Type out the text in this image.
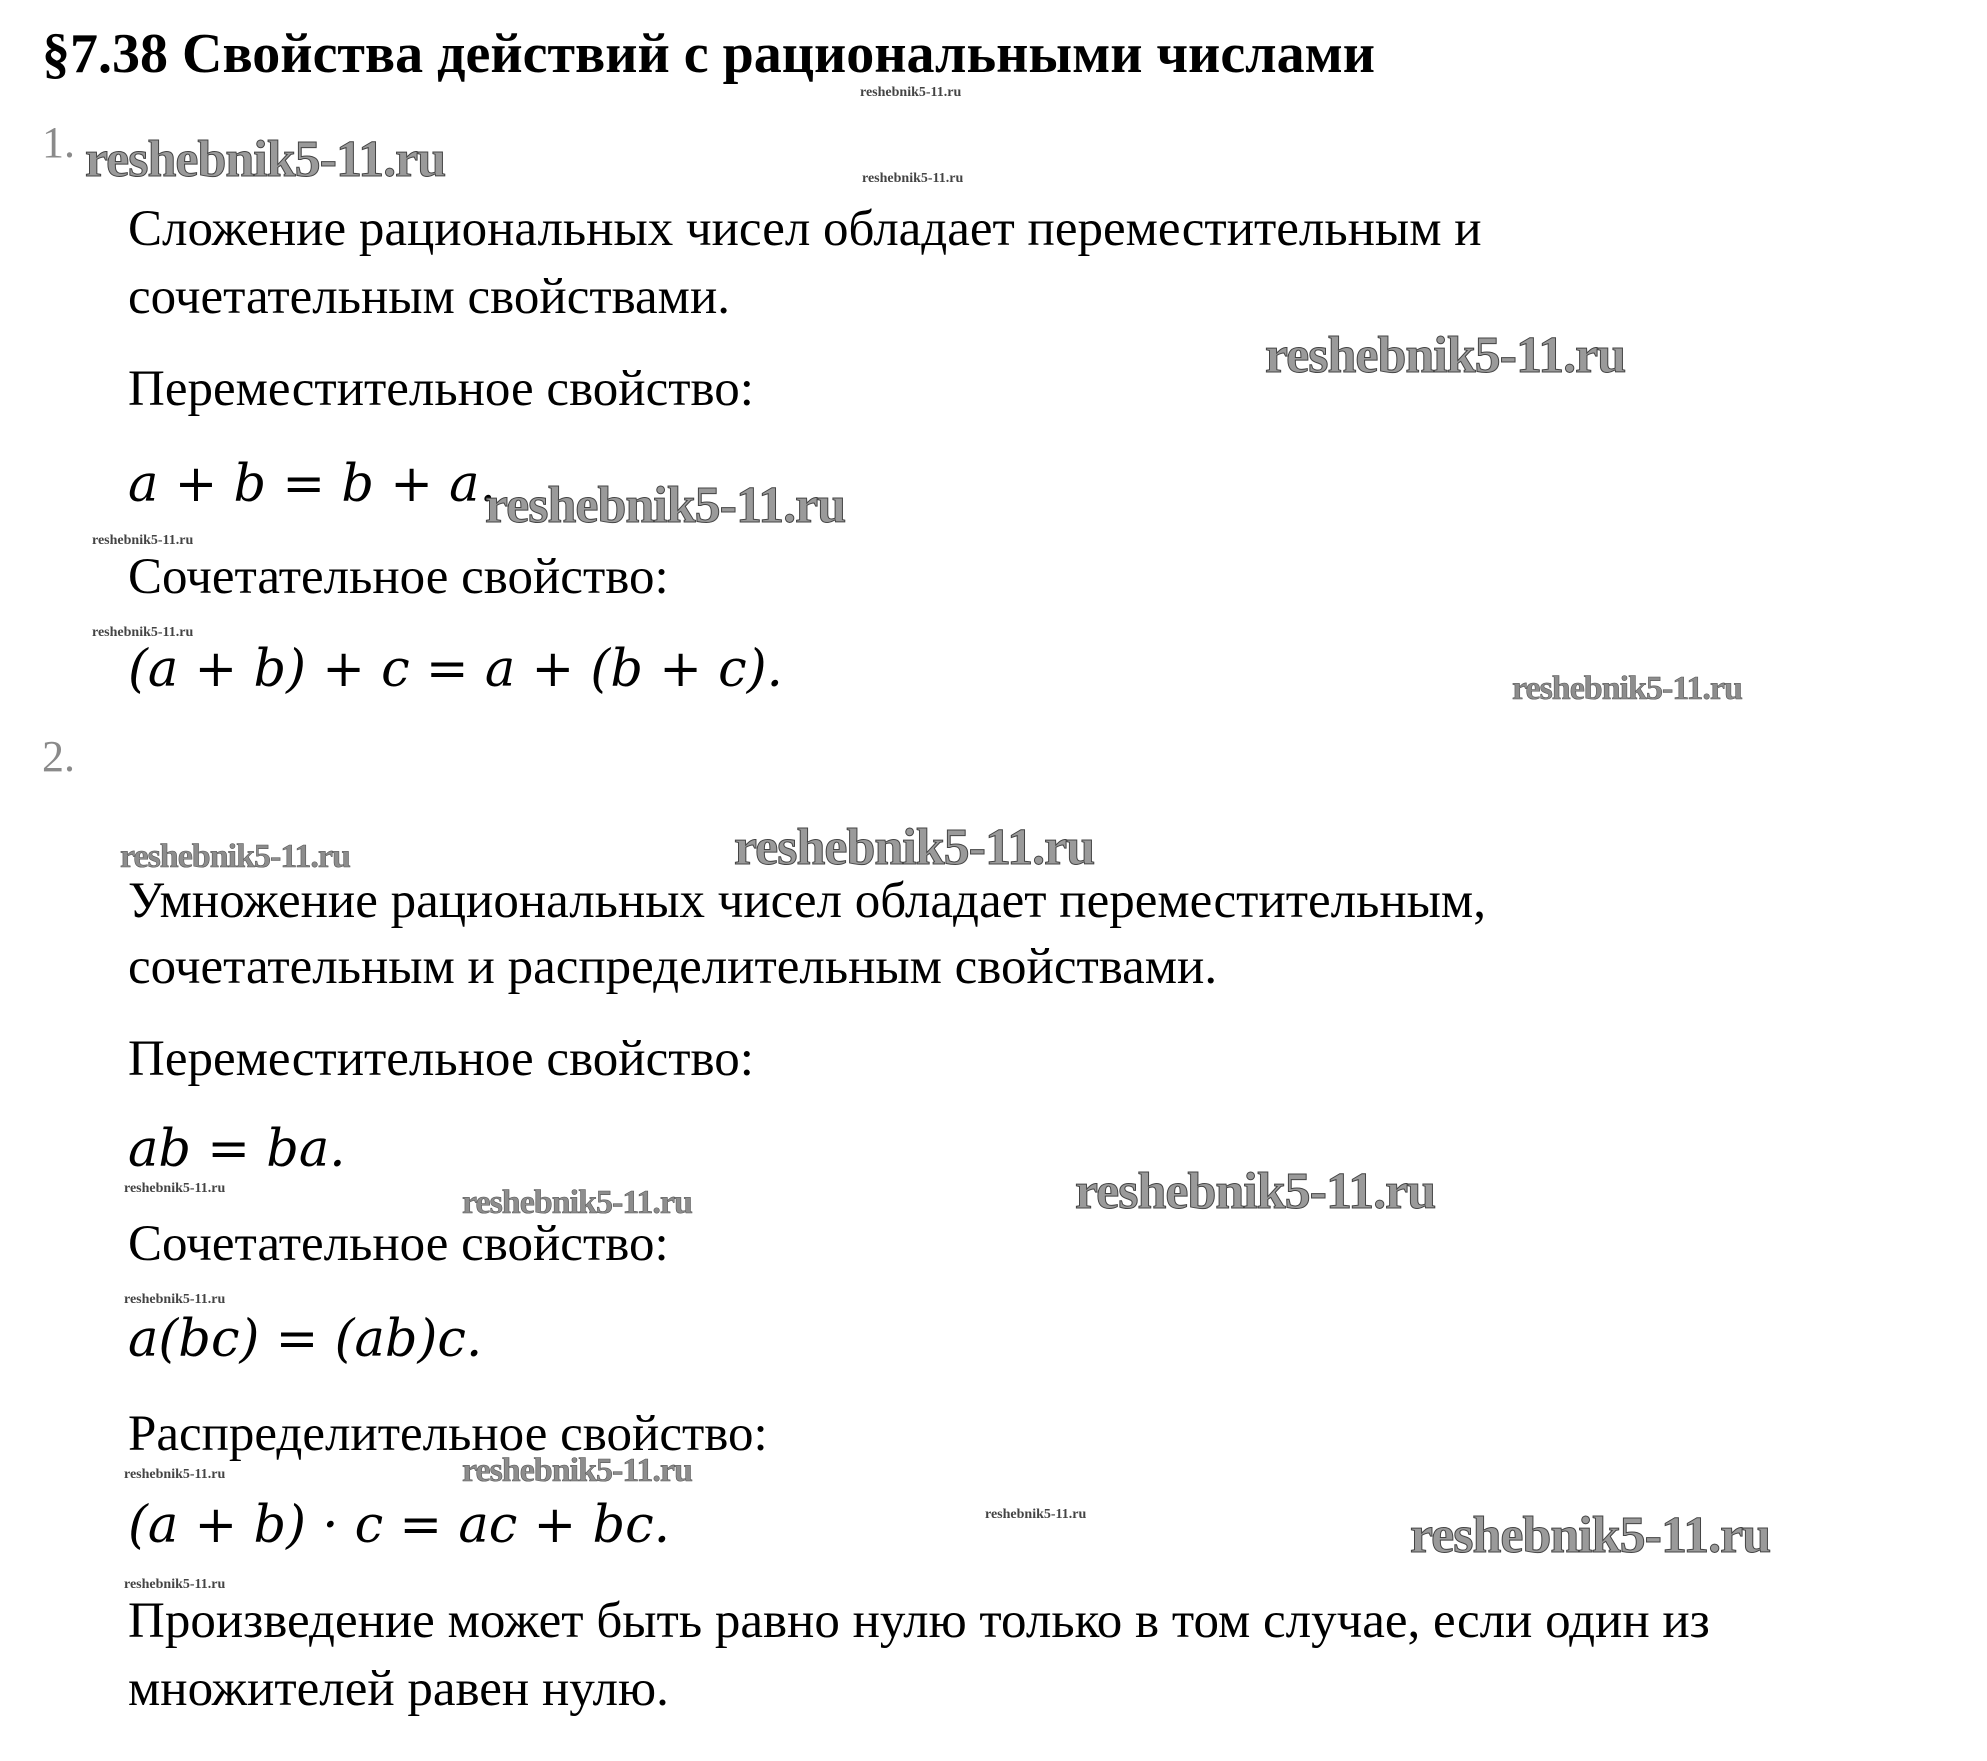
§7.38 Свойства действий с рациональными числами
1.
Сложение рациональных чисел обладает переместительным и
сочетательным свойствами.
Переместительное свойство:
a + b = b + a.
Сочетательное свойство:
(a + b) + c = a + (b + c).
2.
Умножение рациональных чисел обладает переместительным,
сочетательным и распределительным свойствами.
Переместительное свойство:
ab = ba.
Сочетательное свойство:
a(bc) = (ab)c.
Распределительное свойство:
(a + b) · c = ac + bc.
Произведение может быть равно нулю только в том случае, если один из
множителей равен нулю.
reshebnik5-11.ru
reshebnik5-11.ru
reshebnik5-11.ru
reshebnik5-11.ru
reshebnik5-11.ru
reshebnik5-11.ru
reshebnik5-11.ru
reshebnik5-11.ru
reshebnik5-11.ru	reshebnik5-11.ru
reshebnik5-11.ru	reshebnik5-11.ru	reshebnik5-11.ru
reshebnik5-11.ru
reshebnik5-11.ru	reshebnik5-11.ru
reshebnik5-11.ru	reshebnik5-11.ru
reshebnik5-11.ru
